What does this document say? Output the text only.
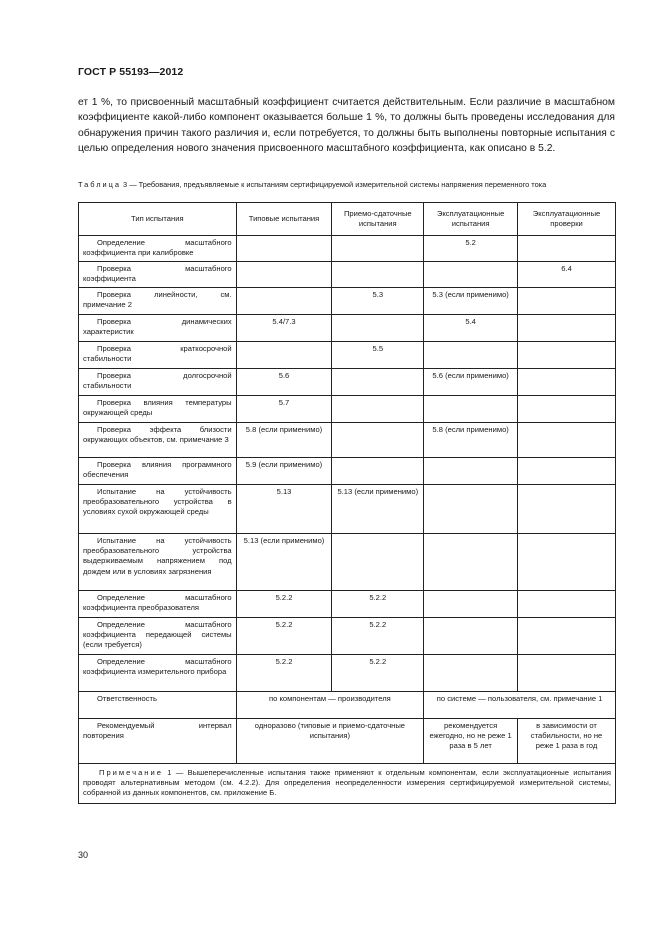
ГОСТ Р 55193—2012

ет 1 %, то присвоенный масштабный коэффициент считается действительным. Если различие в масштабном коэффициенте какой-либо компонент оказывается больше 1 %, то должны быть проведены исследования для обнаружения причин такого различия и, если потребуется, то должны быть выполнены повторные испытания с целью определения нового значения присвоенного масштабного коэффициента, как описано в 5.2.

Таблица 3 — Требования, предъявляемые к испытаниям сертифицируемой измерительной системы напряжения переменного тока
Тип испытания	Типовые испытания	Приемо-сдаточные испытания	Эксплуатационные испытания	Эксплуатационные проверки
Определение масштабного коэффициента при калибровке			5.2	
Проверка масштабного коэффициента				6.4
Проверка линейности, см. примечание 2		5.3	5.3 (если применимо)	
Проверка динамических характеристик	5.4/7.3		5.4	
Проверка краткосрочной стабильности		5.5		
Проверка долгосрочной стабильности	5.6		5.6 (если применимо)	
Проверка влияния температуры окружающей среды	5.7			
Проверка эффекта близости окружающих объектов, см. примечание 3	5.8 (если применимо)		5.8 (если применимо)	
Проверка влияния программного обеспечения	5.9 (если применимо)			
Испытание на устойчивость преобразовательного устройства в условиях сухой окружающей среды	5.13	5.13 (если применимо)		
Испытание на устойчивость преобразовательного устройства выдерживаемым напряжением под дождем или в условиях загрязнения	5.13 (если применимо)			
Определение масштабного коэффициента преобразователя	5.2.2	5.2.2		
Определение масштабного коэффициента передающей системы (если требуется)	5.2.2	5.2.2		
Определение масштабного коэффициента измерительного прибора	5.2.2	5.2.2		
Ответственность	по компонентам — производителя		по системе — пользователя, см. примечание 1	
Рекомендуемый интервал повторения	одноразово (типовые и приемо-сдаточные испытания)		рекомендуется ежегодно, но не реже 1 раза в 5 лет	в зависимости от стабильности, но не реже 1 раза в год
Примечание 1 — Вышеперечисленные испытания также применяют к отдельным компонентам, если эксплуатационные испытания проводят альтернативным методом (см. 4.2.2). Для определения неопределенности измерения сертифицируемой измерительной системы, собранной из данных компонентов, см. приложение Б.				
30
